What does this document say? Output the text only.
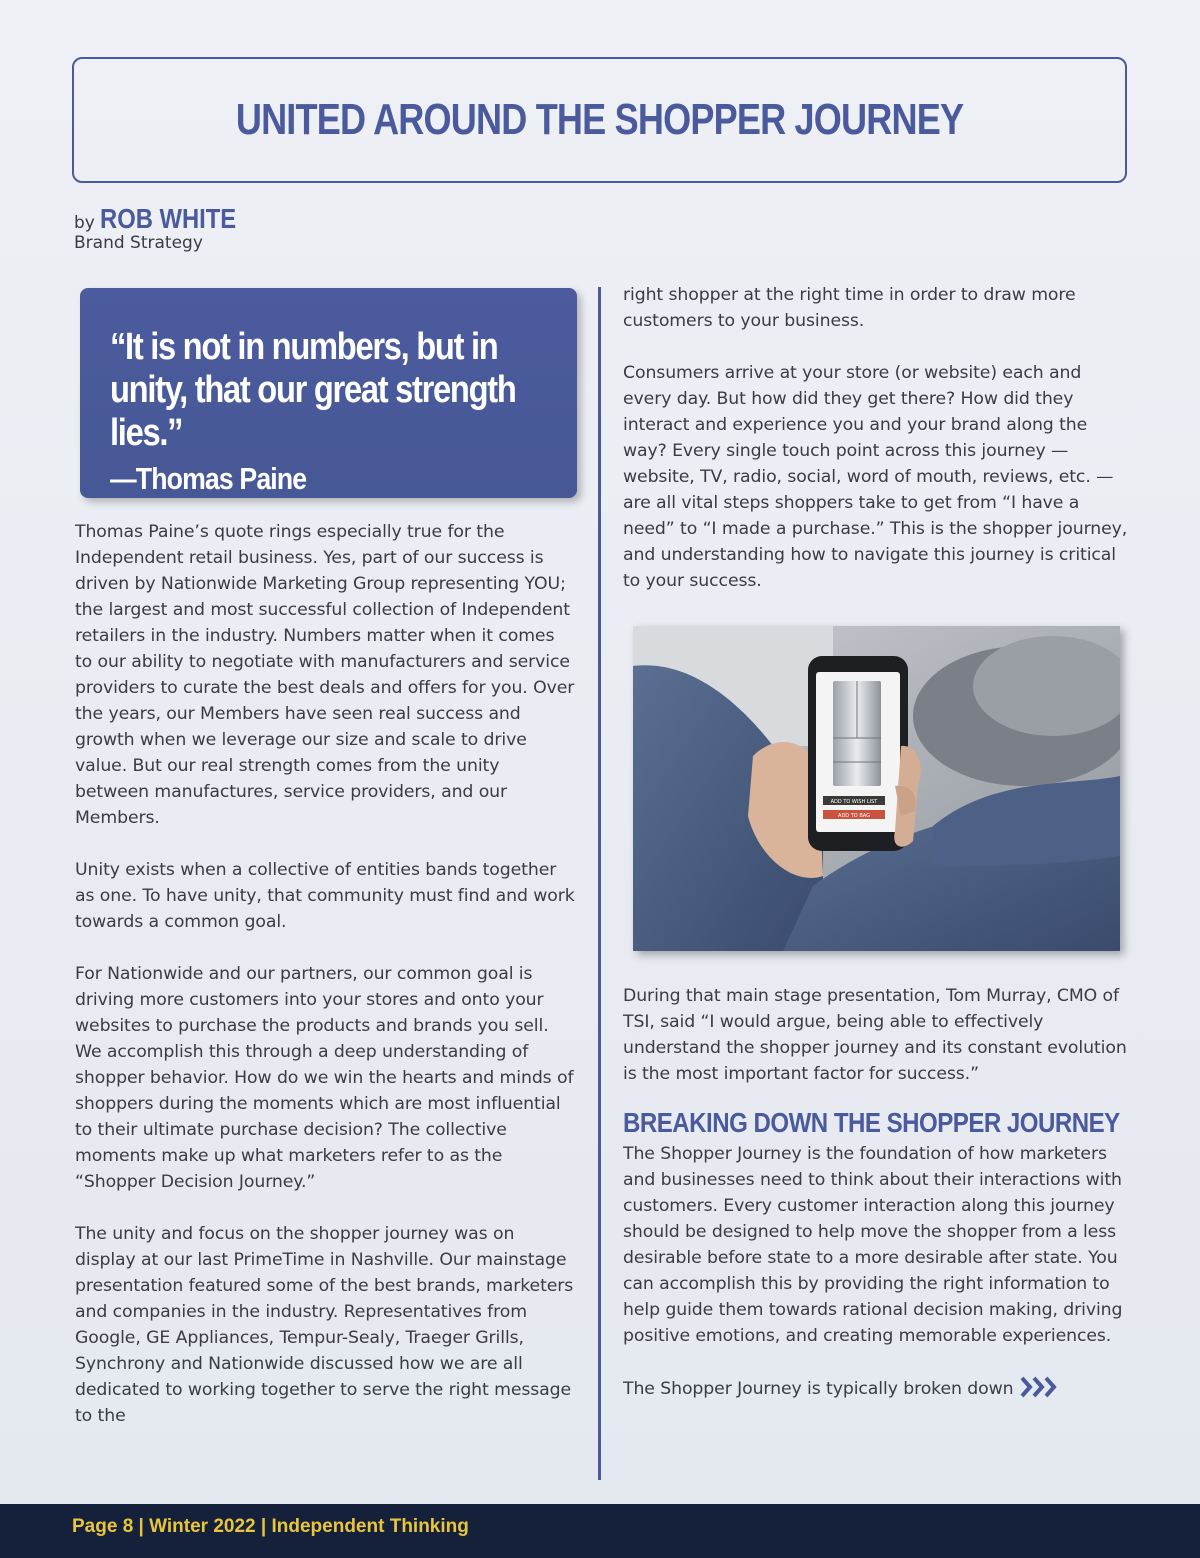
UNITED AROUND THE SHOPPER JOURNEY
by ROB WHITE
Brand Strategy
“It is not in numbers, but in unity, that our great strength lies.”
—Thomas Paine

Thomas Paine’s quote rings especially true for the Independent retail business. Yes, part of our success is driven by Nationwide Marketing Group representing YOU; the largest and most successful collection of Independent retailers in the industry. Numbers matter when it comes to our ability to negotiate with manufacturers and service providers to curate the best deals and offers for you. Over the years, our Members have seen real success and growth when we leverage our size and scale to drive value. But our real strength comes from the unity between manufactures, service providers, and our Members.

Unity exists when a collective of entities bands together as one. To have unity, that community must find and work towards a common goal.

For Nationwide and our partners, our common goal is driving more customers into your stores and onto your websites to purchase the products and brands you sell. We accomplish this through a deep understanding of shopper behavior. How do we win the hearts and minds of shoppers during the moments which are most influential to their ultimate purchase decision? The collective moments make up what marketers refer to as the “Shopper Decision Journey.”

The unity and focus on the shopper journey was on display at our last PrimeTime in Nashville. Our mainstage presentation featured some of the best brands, marketers and companies in the industry. Representatives from Google, GE Appliances, Tempur-Sealy, Traeger Grills, Synchrony and Nationwide discussed how we are all dedicated to working together to serve the right message to the

right shopper at the right time in order to draw more customers to your business.

Consumers arrive at your store (or website) each and every day. But how did they get there? How did they interact and experience you and your brand along the way? Every single touch point across this journey — website, TV, radio, social, word of mouth, reviews, etc. — are all vital steps shoppers take to get from “I have a need” to “I made a purchase.” This is the shopper journey, and understanding how to navigate this journey is critical to your success.

ADD TO WISH LIST
ADD TO BAG

During that main stage presentation, Tom Murray, CMO of TSI, said “I would argue, being able to effectively understand the shopper journey and its constant evolution is the most important factor for success.”

BREAKING DOWN THE SHOPPER JOURNEY

The Shopper Journey is the foundation of how marketers and businesses need to think about their interactions with customers. Every customer interaction along this journey should be designed to help move the shopper from a less desirable before state to a more desirable after state. You can accomplish this by providing the right information to help guide them towards rational decision making, driving positive emotions, and creating memorable experiences.

The Shopper Journey is typically broken down

Page 8 | Winter 2022 | Independent Thinking
